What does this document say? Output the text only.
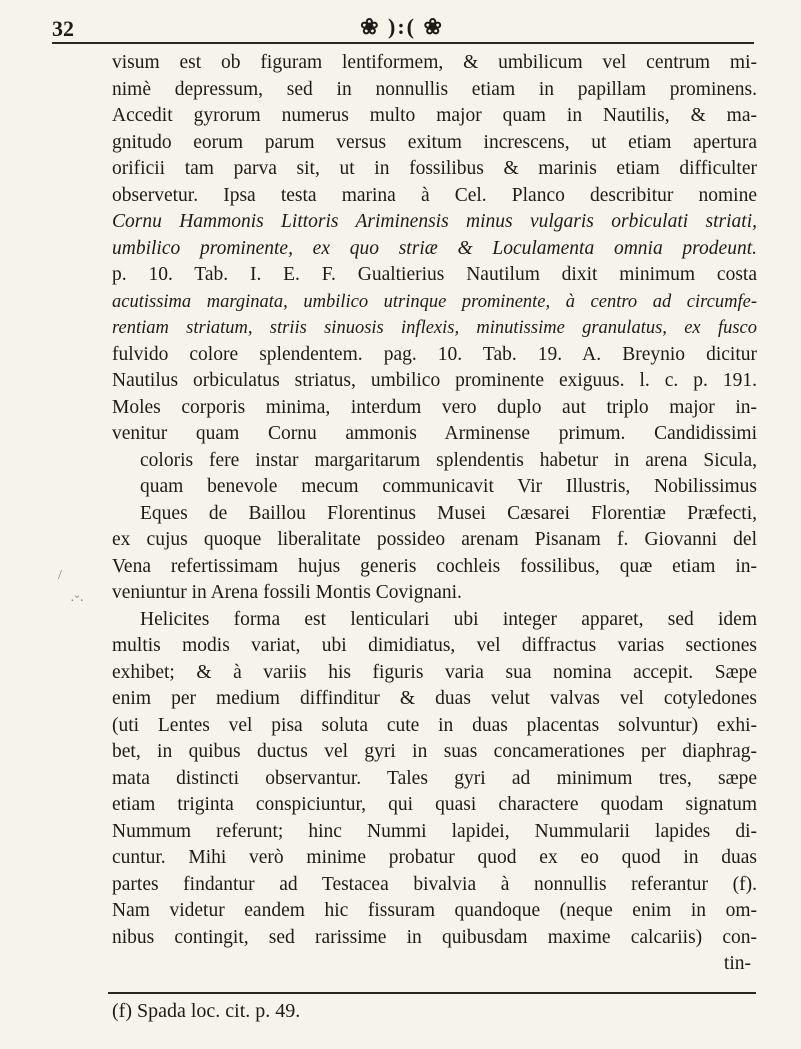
32	❀ ):( ❀
/
·ˇ·
visum est ob figuram lentiformem, & umbilicum vel centrum mi-
nimè depressum, sed in nonnullis etiam in papillam prominens.
Accedit gyrorum numerus multo major quam in Nautilis, & ma-
gnitudo eorum parum versus exitum increscens, ut etiam apertura
orificii tam parva sit, ut in fossilibus & marinis etiam difficulter
observetur. Ipsa testa marina à Cel. Planco describitur nomine
Cornu Hammonis Littoris Ariminensis minus vulgaris orbiculati striati,
umbilico prominente, ex quo striæ & Loculamenta omnia prodeunt.
p. 10. Tab. I. E. F. Gualtierius Nautilum dixit minimum costa
acutissima marginata, umbilico utrinque prominente, à centro ad circumfe-
rentiam striatum, striis sinuosis inflexis, minutissime granulatus, ex fusco
fulvido colore splendentem. pag. 10. Tab. 19. A. Breynio dicitur
Nautilus orbiculatus striatus, umbilico prominente exiguus. l. c. p. 191.
Moles corporis minima, interdum vero duplo aut triplo major in-
venitur quam Cornu ammonis Arminense primum. Candidissimi
coloris fere instar margaritarum splendentis habetur in arena Sicula,
quam benevole mecum communicavit Vir Illustris, Nobilissimus
Eques de Baillou Florentinus Musei Cæsarei Florentiæ Præfecti,
ex cujus quoque liberalitate possideo arenam Pisanam f. Giovanni del
Vena refertissimam hujus generis cochleis fossilibus, quæ etiam in-
veniuntur in Arena fossili Montis Covignani.
Helicites forma est lenticulari ubi integer apparet, sed idem
multis modis variat, ubi dimidiatus, vel diffractus varias sectiones
exhibet; & à variis his figuris varia sua nomina accepit. Sæpe
enim per medium diffinditur & duas velut valvas vel cotyledones
(uti Lentes vel pisa soluta cute in duas placentas solvuntur) exhi-
bet, in quibus ductus vel gyri in suas concamerationes per diaphrag-
mata distincti observantur. Tales gyri ad minimum tres, sæpe
etiam triginta conspiciuntur, qui quasi charactere quodam signatum
Nummum referunt; hinc Nummi lapidei, Nummularii lapides di-
cuntur. Mihi verò minime probatur quod ex eo quod in duas
partes findantur ad Testacea bivalvia à nonnullis referantur (f).
Nam videtur eandem hic fissuram quandoque (neque enim in om-
nibus contingit, sed rarissime in quibusdam maxime calcariis) con-
tin-
(f) Spada loc. cit. p. 49.
